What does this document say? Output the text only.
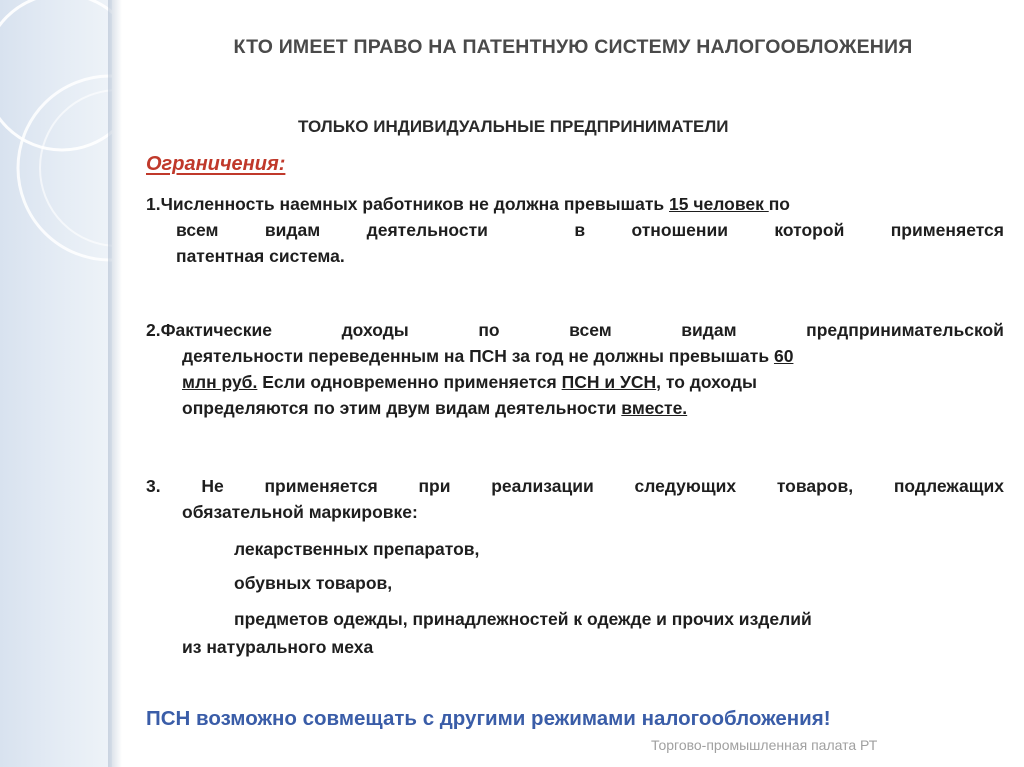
КТО ИМЕЕТ ПРАВО НА ПАТЕНТНУЮ СИСТЕМУ НАЛОГООБЛОЖЕНИЯ
ТОЛЬКО ИНДИВИДУАЛЬНЫЕ ПРЕДПРИНИМАТЕЛИ
Ограничения:
1.Численность наемных работников не должна превышать 15 человек по
всем	видам	деятельности	в	отношении	которой	применяется
патентная система.
2.Фактические	доходы	по	всем	видам	предпринимательской
деятельности переведенным на ПСН за год не должны превышать 60
млн руб. Если одновременно применяется ПСН и УСН, то доходы
определяются по этим двум видам деятельности вместе.
3. Не применяется при реализации следующих товаров, подлежащих
обязательной маркировке:
лекарственных препаратов,
обувных товаров,
предметов одежды, принадлежностей к одежде и прочих изделий
из натурального меха
ПСН возможно совмещать с другими режимами налогообложения!
Торгово-промышленная палата РТ
